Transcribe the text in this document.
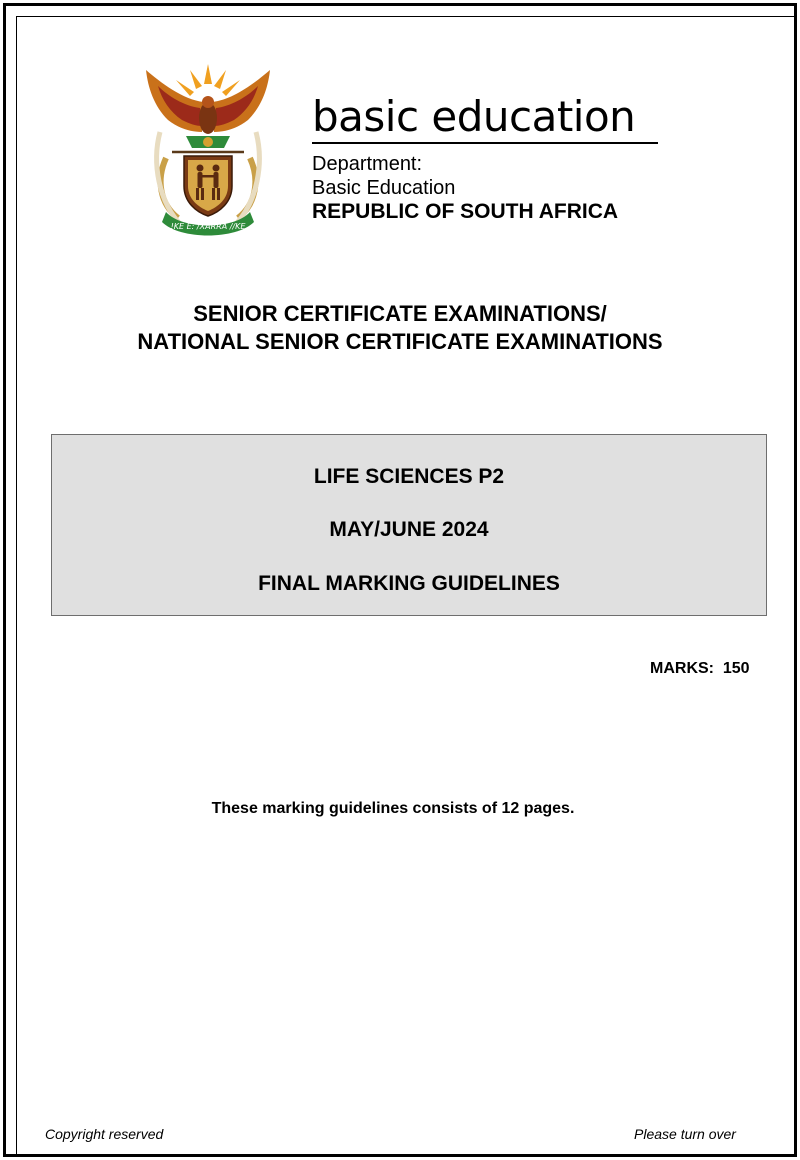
!KE E: /XARRA //KE
basic education
Department:
Basic Education
REPUBLIC OF SOUTH AFRICA
SENIOR CERTIFICATE EXAMINATIONS/
NATIONAL SENIOR CERTIFICATE EXAMINATIONS
LIFE SCIENCES P2
MAY/JUNE 2024
FINAL MARKING GUIDELINES
MARKS:  150
These marking guidelines consists of 12 pages.
Copyright reserved	Please turn over
